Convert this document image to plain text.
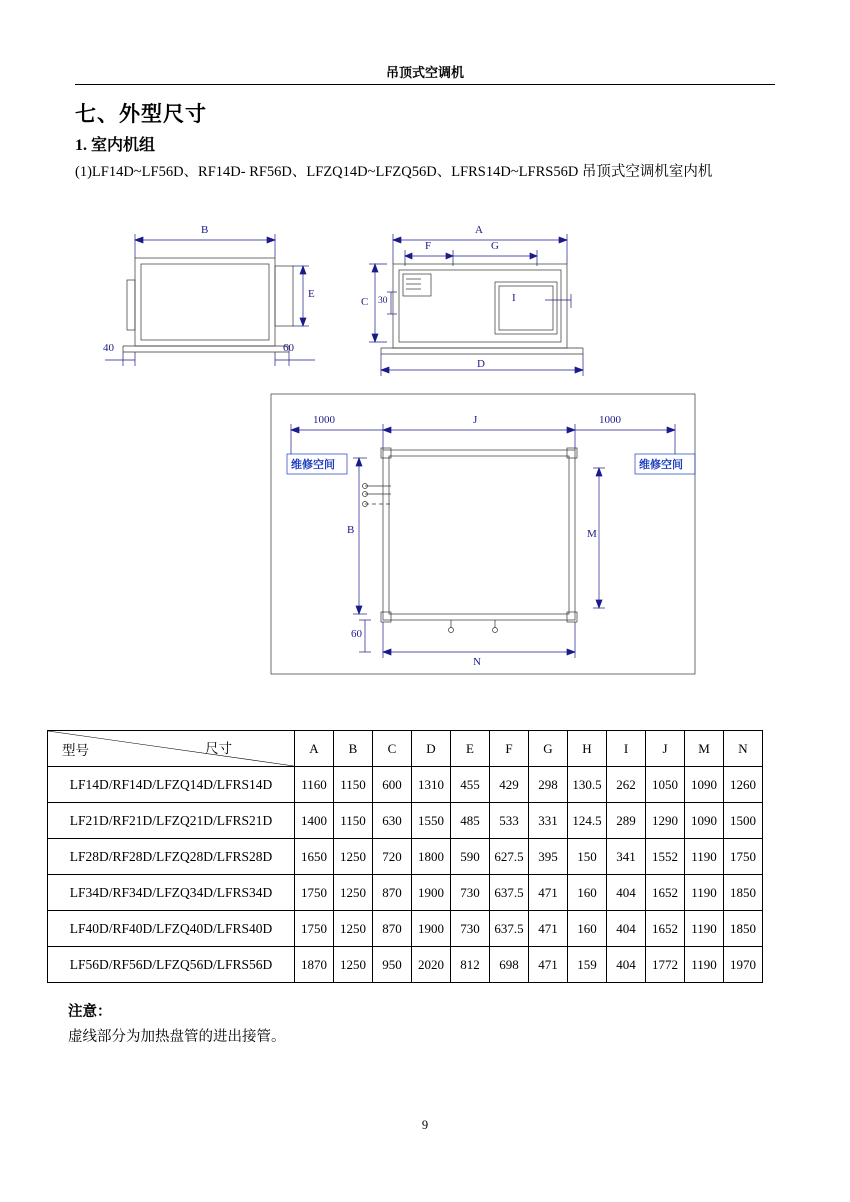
吊顶式空调机
七、外型尺寸
1. 室内机组
(1)LF14D~LF56D、RF14D- RF56D、LFZQ14D~LFZQ56D、LFRS14D~LFRS56D 吊顶式空调机室内机
B	A
F	G
E
C 30	I
D
40	60
J
B	M
N
60
1000	1000
维修空间	维修空间
尺寸
型号	A	B	C	D	E	F	G	H	I	J	M	N
LF14D/RF14D/LFZQ14D/LFRS14D	1160	1150	600	1310	455	429	298	130.5	262	1050	1090	1260
LF21D/RF21D/LFZQ21D/LFRS21D	1400	1150	630	1550	485	533	331	124.5	289	1290	1090	1500
LF28D/RF28D/LFZQ28D/LFRS28D	1650	1250	720	1800	590	627.5	395	150	341	1552	1190	1750
LF34D/RF34D/LFZQ34D/LFRS34D	1750	1250	870	1900	730	637.5	471	160	404	1652	1190	1850
LF40D/RF40D/LFZQ40D/LFRS40D	1750	1250	870	1900	730	637.5	471	160	404	1652	1190	1850
LF56D/RF56D/LFZQ56D/LFRS56D	1870	1250	950	2020	812	698	471	159	404	1772	1190	1970
注意：
虚线部分为加热盘管的进出接管。
9
